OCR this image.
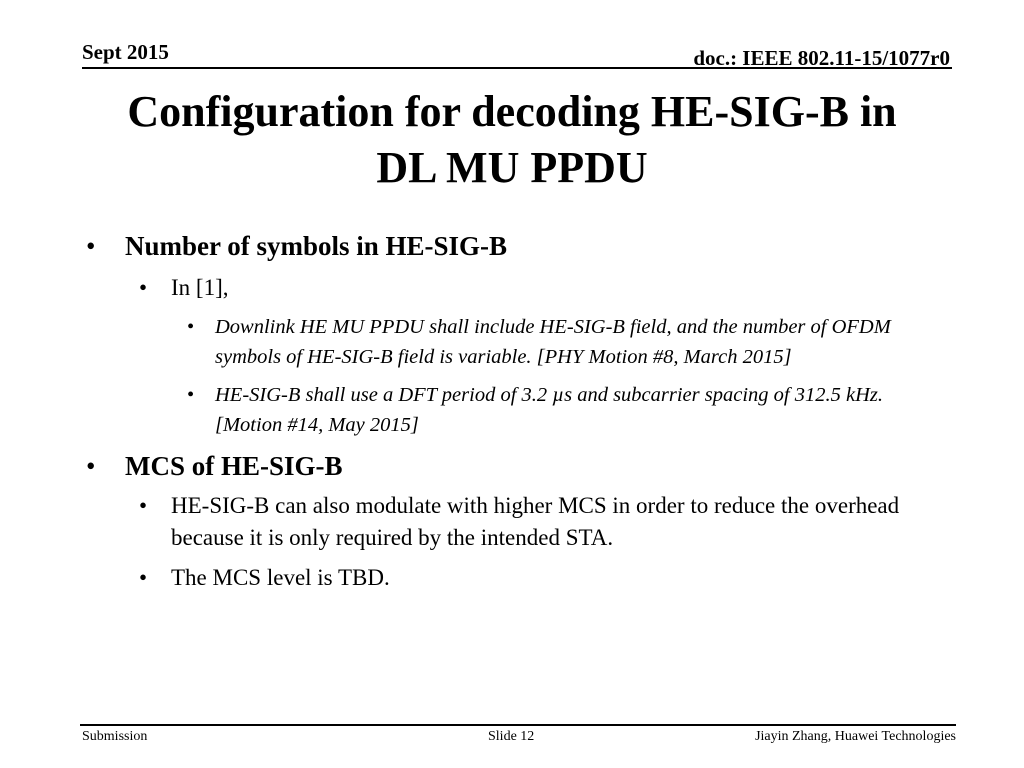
Sept 2015	doc.: IEEE 802.11-15/1077r0
Configuration for decoding HE-SIG-B in
DL MU PPDU
• Number of symbols in HE-SIG-B
• In [1],
• Downlink HE MU PPDU shall include HE-SIG-B field, and the number of OFDM symbols of HE-SIG-B field is variable. [PHY Motion #8, March 2015]
• HE-SIG-B shall use a DFT period of 3.2 µs and subcarrier spacing of 312.5 kHz. [Motion #14, May 2015]
• MCS of HE-SIG-B
• HE-SIG-B can also modulate with higher MCS in order to reduce the overhead because it is only required by the intended STA.
• The MCS level is TBD.
Submission	Slide 12	Jiayin Zhang, Huawei Technologies
